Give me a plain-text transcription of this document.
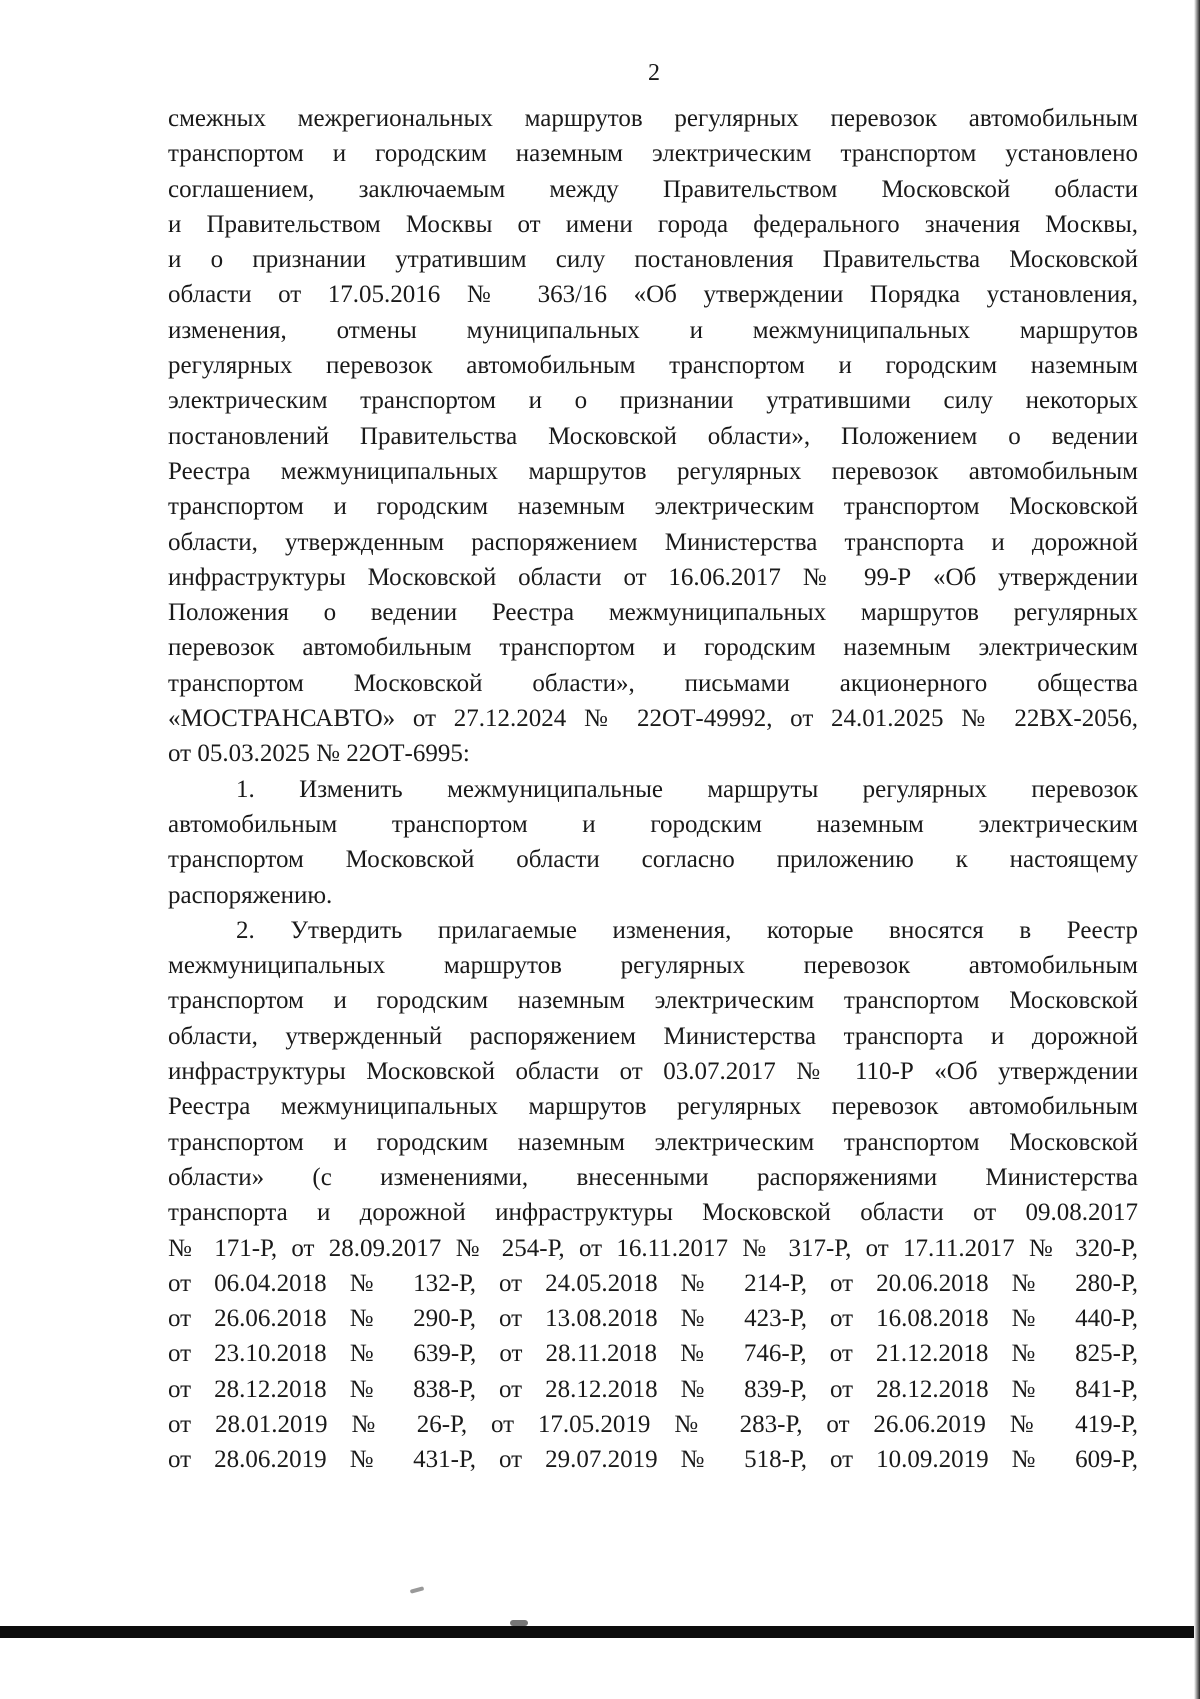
2

смежных межрегиональных маршрутов регулярных перевозок автомобильным
транспортом и городским наземным электрическим транспортом установлено
соглашением, заключаемым между Правительством Московской области
и Правительством Москвы от имени города федерального значения Москвы,
и о признании утратившим силу постановления Правительства Московской
области от 17.05.2016 № 363/16 «Об утверждении Порядка установления,
изменения, отмены муниципальных и межмуниципальных маршрутов
регулярных перевозок автомобильным транспортом и городским наземным
электрическим транспортом и о признании утратившими силу некоторых
постановлений Правительства Московской области», Положением о ведении
Реестра межмуниципальных маршрутов регулярных перевозок автомобильным
транспортом и городским наземным электрическим транспортом Московской
области, утвержденным распоряжением Министерства транспорта и дорожной
инфраструктуры Московской области от 16.06.2017 № 99-Р «Об утверждении
Положения о ведении Реестра межмуниципальных маршрутов регулярных
перевозок автомобильным транспортом и городским наземным электрическим
транспортом Московской области», письмами акционерного общества
«МОСТРАНСАВТО» от 27.12.2024 № 22ОТ-49992, от 24.01.2025 № 22ВХ-2056,
от 05.03.2025 № 22ОТ-6995:

1. Изменить межмуниципальные маршруты регулярных перевозок
автомобильным транспортом и городским наземным электрическим
транспортом Московской области согласно приложению к настоящему
распоряжению.

2. Утвердить прилагаемые изменения, которые вносятся в Реестр
межмуниципальных маршрутов регулярных перевозок автомобильным
транспортом и городским наземным электрическим транспортом Московской
области, утвержденный распоряжением Министерства транспорта и дорожной
инфраструктуры Московской области от 03.07.2017 № 110-Р «Об утверждении
Реестра межмуниципальных маршрутов регулярных перевозок автомобильным
транспортом и городским наземным электрическим транспортом Московской
области» (с изменениями, внесенными распоряжениями Министерства
транспорта и дорожной инфраструктуры Московской области от 09.08.2017
№ 171-Р, от 28.09.2017 № 254-Р, от 16.11.2017 № 317-Р, от 17.11.2017 № 320-Р,
от 06.04.2018 № 132-Р, от 24.05.2018 № 214-Р, от 20.06.2018 № 280-Р,
от 26.06.2018 № 290-Р, от 13.08.2018 № 423-Р, от 16.08.2018 № 440-Р,
от 23.10.2018 № 639-Р, от 28.11.2018 № 746-Р, от 21.12.2018 № 825-Р,
от 28.12.2018 № 838-Р, от 28.12.2018 № 839-Р, от 28.12.2018 № 841-Р,
от 28.01.2019 № 26-Р, от 17.05.2019 № 283-Р, от 26.06.2019 № 419-Р,
от 28.06.2019 № 431-Р, от 29.07.2019 № 518-Р, от 10.09.2019 № 609-Р,
